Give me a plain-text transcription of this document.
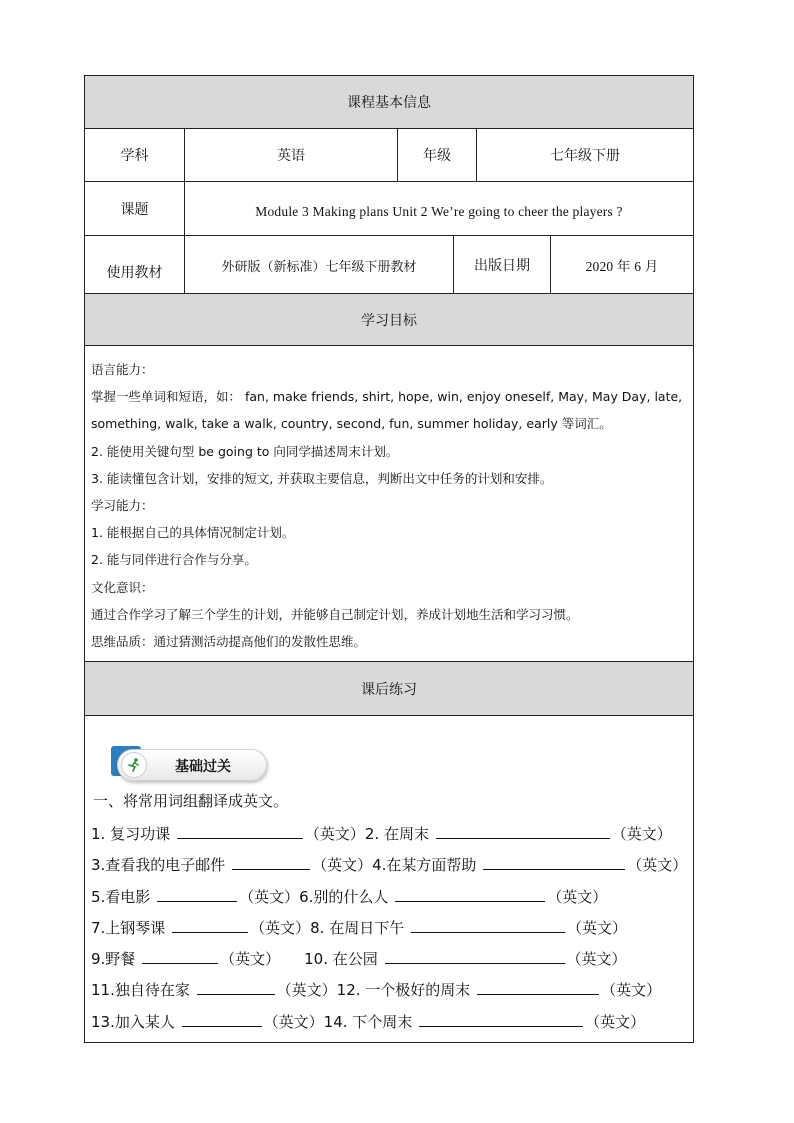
课程基本信息
学科	英语	年级	七年级下册
课题	Module 3 Making plans Unit 2 We’re going to cheer the players ?
使用教材	外研版（新标准）七年级下册教材	出版日期	2020 年 6 月
学习目标
语言能力：
掌握一些单词和短语，如： fan, make friends, shirt, hope, win, enjoy oneself, May, May Day, late,
something, walk, take a walk, country, second, fun, summer holiday, early 等词汇。
2. 能使用关键句型 be going to 向同学描述周末计划。
3. 能读懂包含计划，安排的短文, 并获取主要信息，判断出文中任务的计划和安排。
学习能力：
1. 能根据自己的具体情况制定计划。
2. 能与同伴进行合作与分享。
文化意识：
通过合作学习了解三个学生的计划，并能够自己制定计划，养成计划地生活和学习习惯。
思维品质：通过猜测活动提高他们的发散性思维。
课后练习
基础过关
一、将常用词组翻译成英文。
1. 复习功课	（英文）2. 在周末	（英文）
3.查看我的电子邮件	（英文）4.在某方面帮助	（英文）
5.看电影	（英文）6.别的什么人	（英文）
7.上钢琴课	（英文）8. 在周日下午	（英文）
9.野餐	（英文） 10. 在公园	（英文）
11.独自待在家	（英文）12. 一个极好的周末	（英文）
13.加入某人	（英文）14. 下个周末	（英文）
